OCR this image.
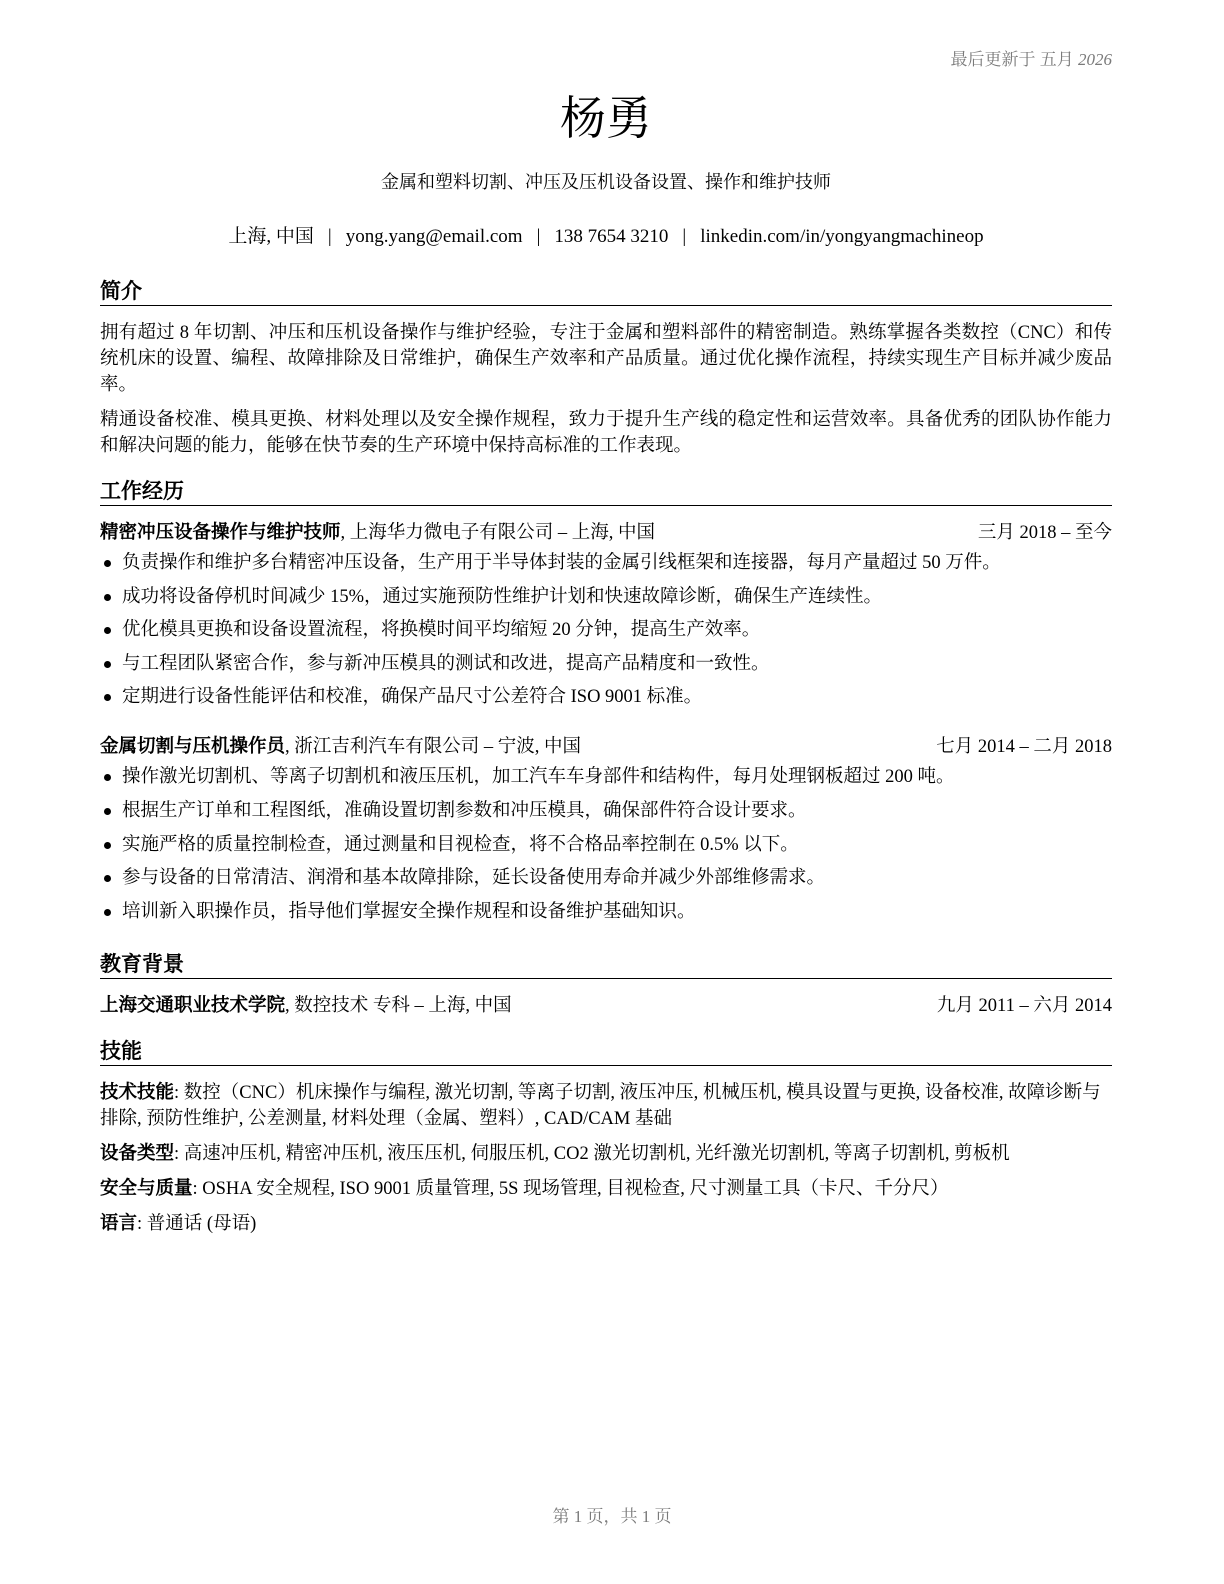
最后更新于 五月 2026
杨勇
金属和塑料切割、冲压及压机设备设置、操作和维护技师
上海, 中国 | yong.yang@email.com | 138 7654 3210 | linkedin.com/in/yongyangmachineop
简介

拥有超过 8 年切割、冲压和压机设备操作与维护经验，专注于金属和塑料部件的精密制造。熟练掌握各类数控（CNC）和传统机床的设置、编程、故障排除及日常维护，确保生产效率和产品质量。通过优化操作流程，持续实现生产目标并减少废品率。

精通设备校准、模具更换、材料处理以及安全操作规程，致力于提升生产线的稳定性和运营效率。具备优秀的团队协作能力和解决问题的能力，能够在快节奏的生产环境中保持高标准的工作表现。

工作经历
精密冲压设备操作与维护技师, 上海华力微电子有限公司 – 上海, 中国	三月 2018 – 至今
负责操作和维护多台精密冲压设备，生产用于半导体封装的金属引线框架和连接器，每月产量超过 50 万件。
成功将设备停机时间减少 15%，通过实施预防性维护计划和快速故障诊断，确保生产连续性。
优化模具更换和设备设置流程，将换模时间平均缩短 20 分钟，提高生产效率。
与工程团队紧密合作，参与新冲压模具的测试和改进，提高产品精度和一致性。
定期进行设备性能评估和校准，确保产品尺寸公差符合 ISO 9001 标准。
金属切割与压机操作员, 浙江吉利汽车有限公司 – 宁波, 中国	七月 2014 – 二月 2018
操作激光切割机、等离子切割机和液压压机，加工汽车车身部件和结构件，每月处理钢板超过 200 吨。
根据生产订单和工程图纸，准确设置切割参数和冲压模具，确保部件符合设计要求。
实施严格的质量控制检查，通过测量和目视检查，将不合格品率控制在 0.5% 以下。
参与设备的日常清洁、润滑和基本故障排除，延长设备使用寿命并减少外部维修需求。
培训新入职操作员，指导他们掌握安全操作规程和设备维护基础知识。
教育背景
上海交通职业技术学院, 数控技术 专科 – 上海, 中国	九月 2011 – 六月 2014
技能

技术技能: 数控（CNC）机床操作与编程, 激光切割, 等离子切割, 液压冲压, 机械压机, 模具设置与更换, 设备校准, 故障诊断与排除, 预防性维护, 公差测量, 材料处理（金属、塑料）, CAD/CAM 基础

设备类型: 高速冲压机, 精密冲压机, 液压压机, 伺服压机, CO2 激光切割机, 光纤激光切割机, 等离子切割机, 剪板机

安全与质量: OSHA 安全规程, ISO 9001 质量管理, 5S 现场管理, 目视检查, 尺寸测量工具（卡尺、千分尺）

语言: 普通话 (母语)

第 1 页，共 1 页
